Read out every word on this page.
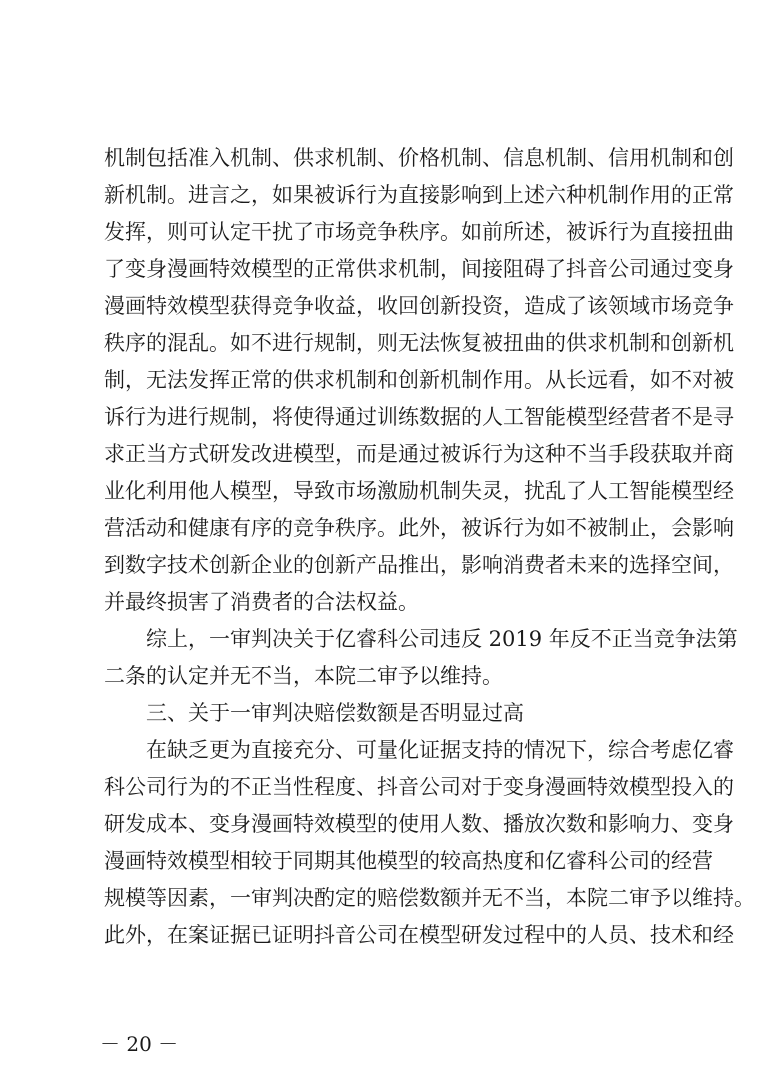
机制包括准入机制、供求机制、价格机制、信息机制、信用机制和创
新机制。进言之，如果被诉行为直接影响到上述六种机制作用的正常
发挥，则可认定干扰了市场竞争秩序。如前所述，被诉行为直接扭曲
了变身漫画特效模型的正常供求机制，间接阻碍了抖音公司通过变身
漫画特效模型获得竞争收益，收回创新投资，造成了该领域市场竞争
秩序的混乱。如不进行规制，则无法恢复被扭曲的供求机制和创新机
制，无法发挥正常的供求机制和创新机制作用。从长远看，如不对被
诉行为进行规制，将使得通过训练数据的人工智能模型经营者不是寻
求正当方式研发改进模型，而是通过被诉行为这种不当手段获取并商
业化利用他人模型，导致市场激励机制失灵，扰乱了人工智能模型经
营活动和健康有序的竞争秩序。此外，被诉行为如不被制止，会影响
到数字技术创新企业的创新产品推出，影响消费者未来的选择空间，
并最终损害了消费者的合法权益。
　　综上，一审判决关于亿睿科公司违反 2019 年反不正当竞争法第
二条的认定并无不当，本院二审予以维持。
　　三、关于一审判决赔偿数额是否明显过高
　　在缺乏更为直接充分、可量化证据支持的情况下，综合考虑亿睿
科公司行为的不正当性程度、抖音公司对于变身漫画特效模型投入的
研发成本、变身漫画特效模型的使用人数、播放次数和影响力、变身
漫画特效模型相较于同期其他模型的较高热度和亿睿科公司的经营
规模等因素，一审判决酌定的赔偿数额并无不当，本院二审予以维持。
此外，在案证据已证明抖音公司在模型研发过程中的人员、技术和经
－ 20 －
